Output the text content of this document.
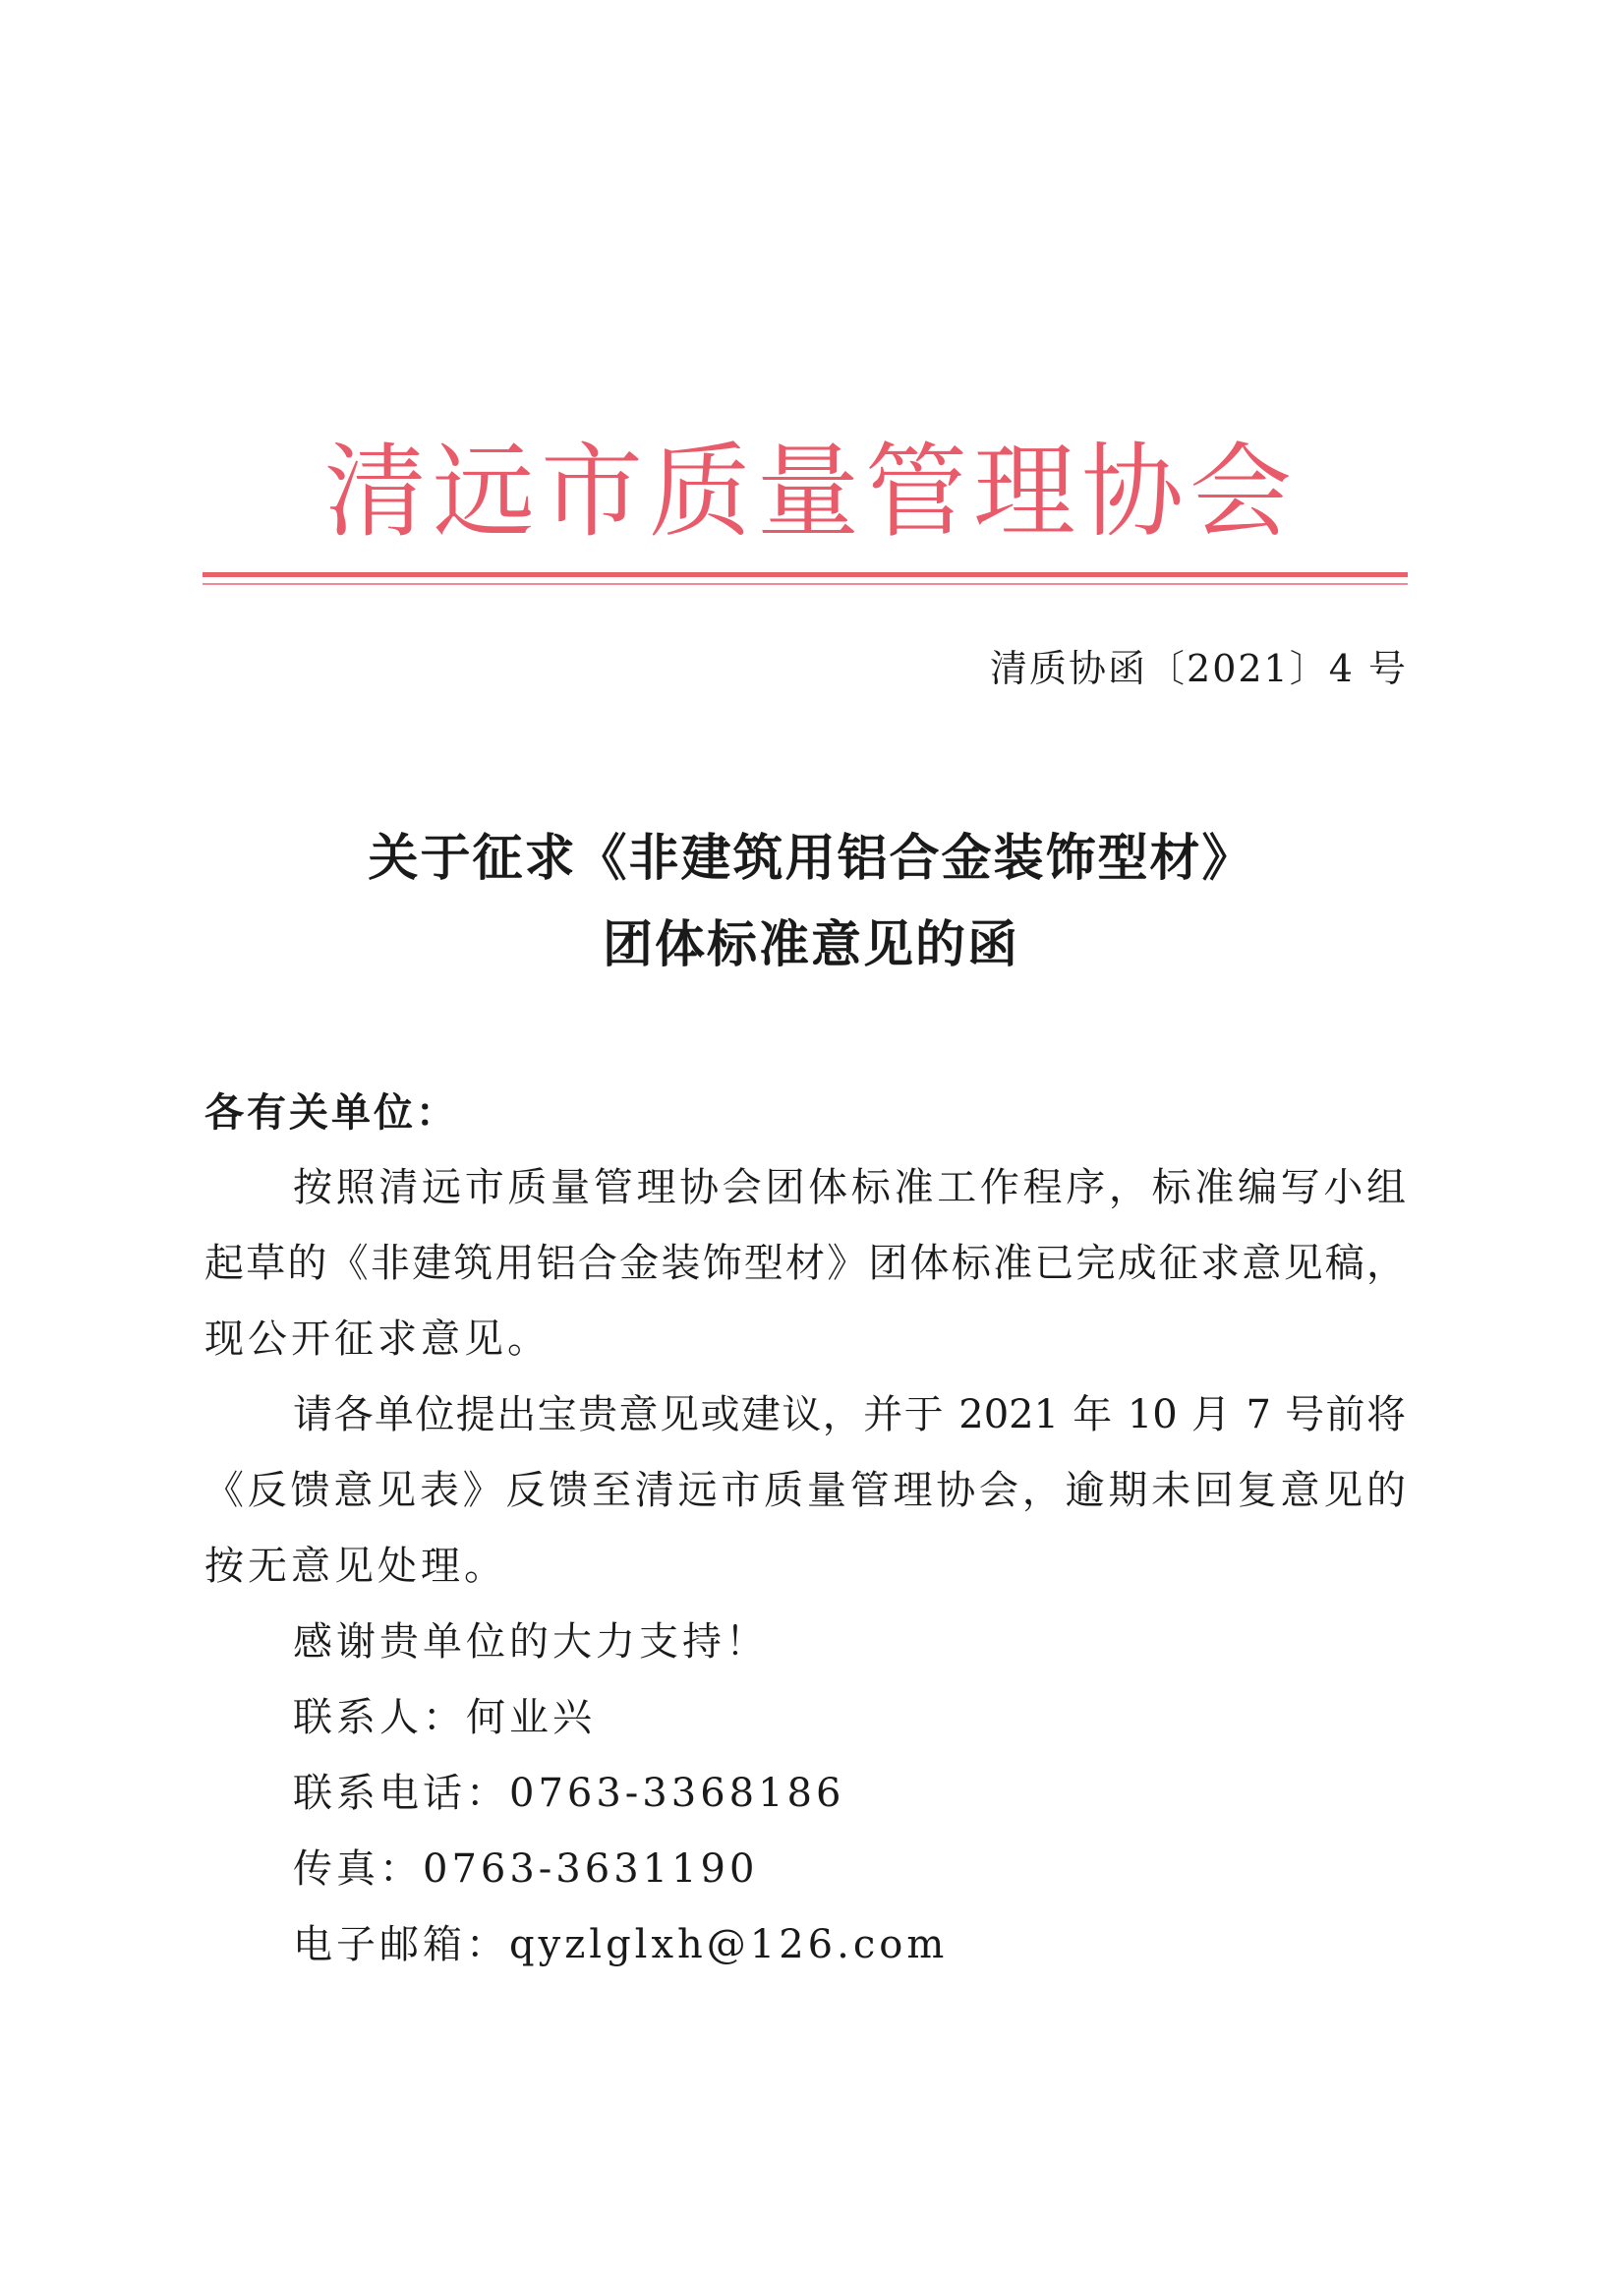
清远市质量管理协会
清质协函〔2021〕4 号
关于征求《非建筑用铝合金装饰型材》
团体标准意见的函
各有关单位：
按照清远市质量管理协会团体标准工作程序，标准编写小组
起草的《非建筑用铝合金装饰型材》团体标准已完成征求意见稿，
现公开征求意见。
请各单位提出宝贵意见或建议，并于 2021 年 10 月 7 号前将
《反馈意见表》反馈至清远市质量管理协会，逾期未回复意见的
按无意见处理。
感谢贵单位的大力支持！
联系人：何业兴
联系电话：0763-3368186
传真：0763-3631190
电子邮箱：qyzlglxh@126.com
